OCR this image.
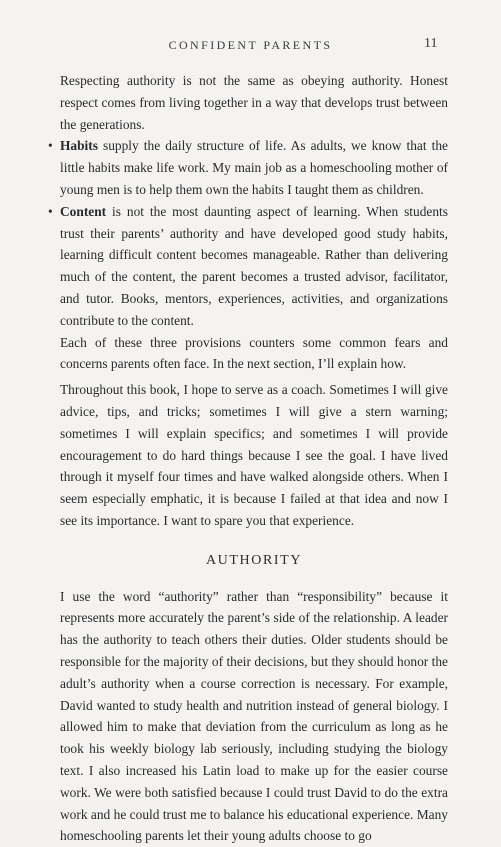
CONFIDENT PARENTS	11

Respecting authority is not the same as obeying authority. Honest respect comes from living together in a way that develops trust between the generations.

• Habits supply the daily structure of life. As adults, we know that the little habits make life work. My main job as a homeschooling mother of young men is to help them own the habits I taught them as children.
• Content is not the most daunting aspect of learning. When students trust their parents’ authority and have developed good study habits, learning difficult content becomes manageable. Rather than delivering much of the content, the parent becomes a trusted advisor, facilitator, and tutor. Books, mentors, experiences, activities, and organizations contribute to the content.

Each of these three provisions counters some common fears and concerns parents often face. In the next section, I’ll explain how.

Throughout this book, I hope to serve as a coach. Sometimes I will give advice, tips, and tricks; sometimes I will give a stern warning; sometimes I will explain specifics; and sometimes I will provide encouragement to do hard things because I see the goal. I have lived through it myself four times and have walked alongside others. When I seem especially emphatic, it is because I failed at that idea and now I see its importance. I want to spare you that experience.

AUTHORITY

I use the word “authority” rather than “responsibility” because it represents more accurately the parent’s side of the relationship. A leader has the authority to teach others their duties. Older students should be responsible for the majority of their decisions, but they should honor the adult’s authority when a course correction is necessary. For example, David wanted to study health and nutrition instead of general biology. I allowed him to make that deviation from the curriculum as long as he took his weekly biology lab seriously, including studying the biology text. I also increased his Latin load to make up for the easier course work. We were both satisfied because I could trust David to do the extra work and he could trust me to balance his educational experience. Many homeschooling parents let their young adults choose to go
